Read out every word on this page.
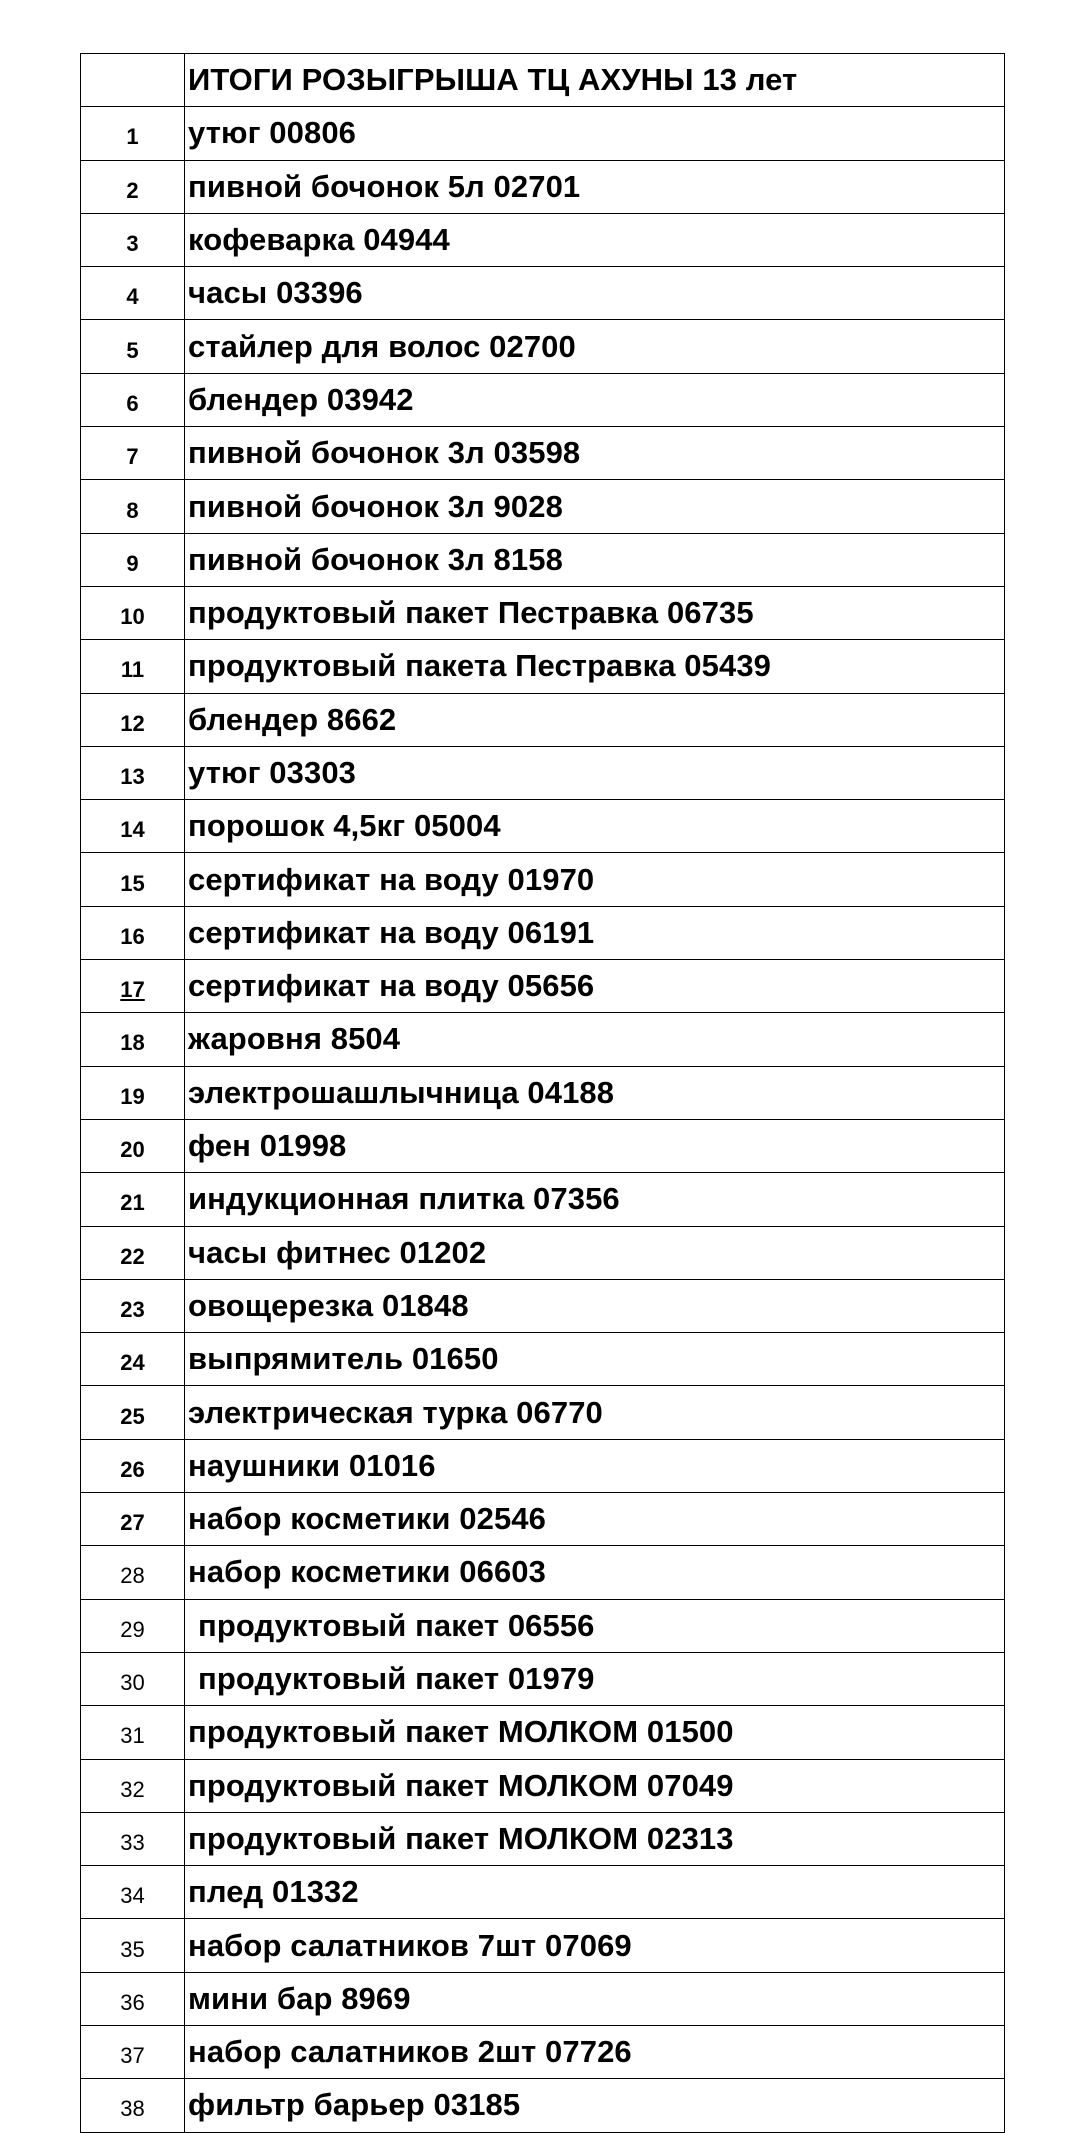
	ИТОГИ РОЗЫГРЫША ТЦ АХУНЫ 13 лет
1	утюг 00806
2	пивной бочонок 5л 02701
3	кофеварка 04944
4	часы 03396
5	стайлер для волос 02700
6	блендер 03942
7	пивной бочонок 3л 03598
8	пивной бочонок 3л 9028
9	пивной бочонок 3л 8158
10	продуктовый пакет Пестравка 06735
11	продуктовый пакета Пестравка 05439
12	блендер 8662
13	утюг 03303
14	порошок 4,5кг 05004
15	сертификат на воду 01970
16	сертификат на воду 06191
17	сертификат на воду 05656
18	жаровня 8504
19	электрошашлычница 04188
20	фен 01998
21	индукционная плитка 07356
22	часы фитнес 01202
23	овощерезка 01848
24	выпрямитель 01650
25	электрическая турка 06770
26	наушники 01016
27	набор косметики 02546
28	набор косметики 06603
29	продуктовый пакет 06556
30	продуктовый пакет 01979
31	продуктовый пакет МОЛКОМ 01500
32	продуктовый пакет МОЛКОМ 07049
33	продуктовый пакет МОЛКОМ 02313
34	плед 01332
35	набор салатников 7шт 07069
36	мини бар 8969
37	набор салатников 2шт 07726
38	фильтр барьер 03185
